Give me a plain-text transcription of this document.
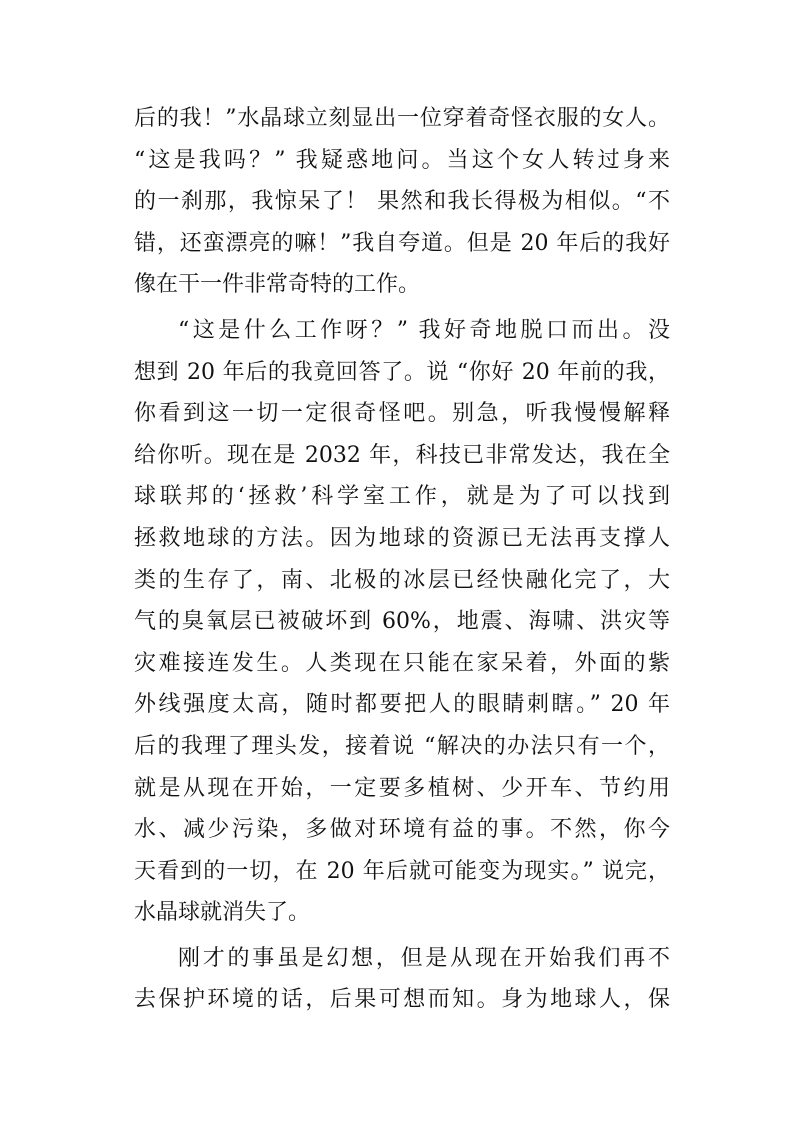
后的我！”水晶球立刻显出一位穿着奇怪衣服的女人。
“这是我吗？” 我疑惑地问。当这个女人转过身来
的一刹那，我惊呆了！ 果然和我长得极为相似。“不
错，还蛮漂亮的嘛！”我自夸道。但是 20 年后的我好
像在干一件非常奇特的工作。
“这是什么工作呀？” 我好奇地脱口而出。没
想到 20 年后的我竟回答了。说 “你好 20 年前的我，
你看到这一切一定很奇怪吧。别急，听我慢慢解释
给你听。现在是 2032 年，科技已非常发达，我在全
球联邦的‘拯救’科学室工作，就是为了可以找到
拯救地球的方法。因为地球的资源已无法再支撑人
类的生存了，南、北极的冰层已经快融化完了，大
气的臭氧层已被破坏到 60%，地震、海啸、洪灾等
灾难接连发生。人类现在只能在家呆着，外面的紫
外线强度太高，随时都要把人的眼睛刺瞎。” 20 年
后的我理了理头发，接着说 “解决的办法只有一个，
就是从现在开始，一定要多植树、少开车、节约用
水、减少污染，多做对环境有益的事。不然，你今
天看到的一切，在 20 年后就可能变为现实。” 说完，
水晶球就消失了。
刚才的事虽是幻想，但是从现在开始我们再不
去保护环境的话，后果可想而知。身为地球人，保
